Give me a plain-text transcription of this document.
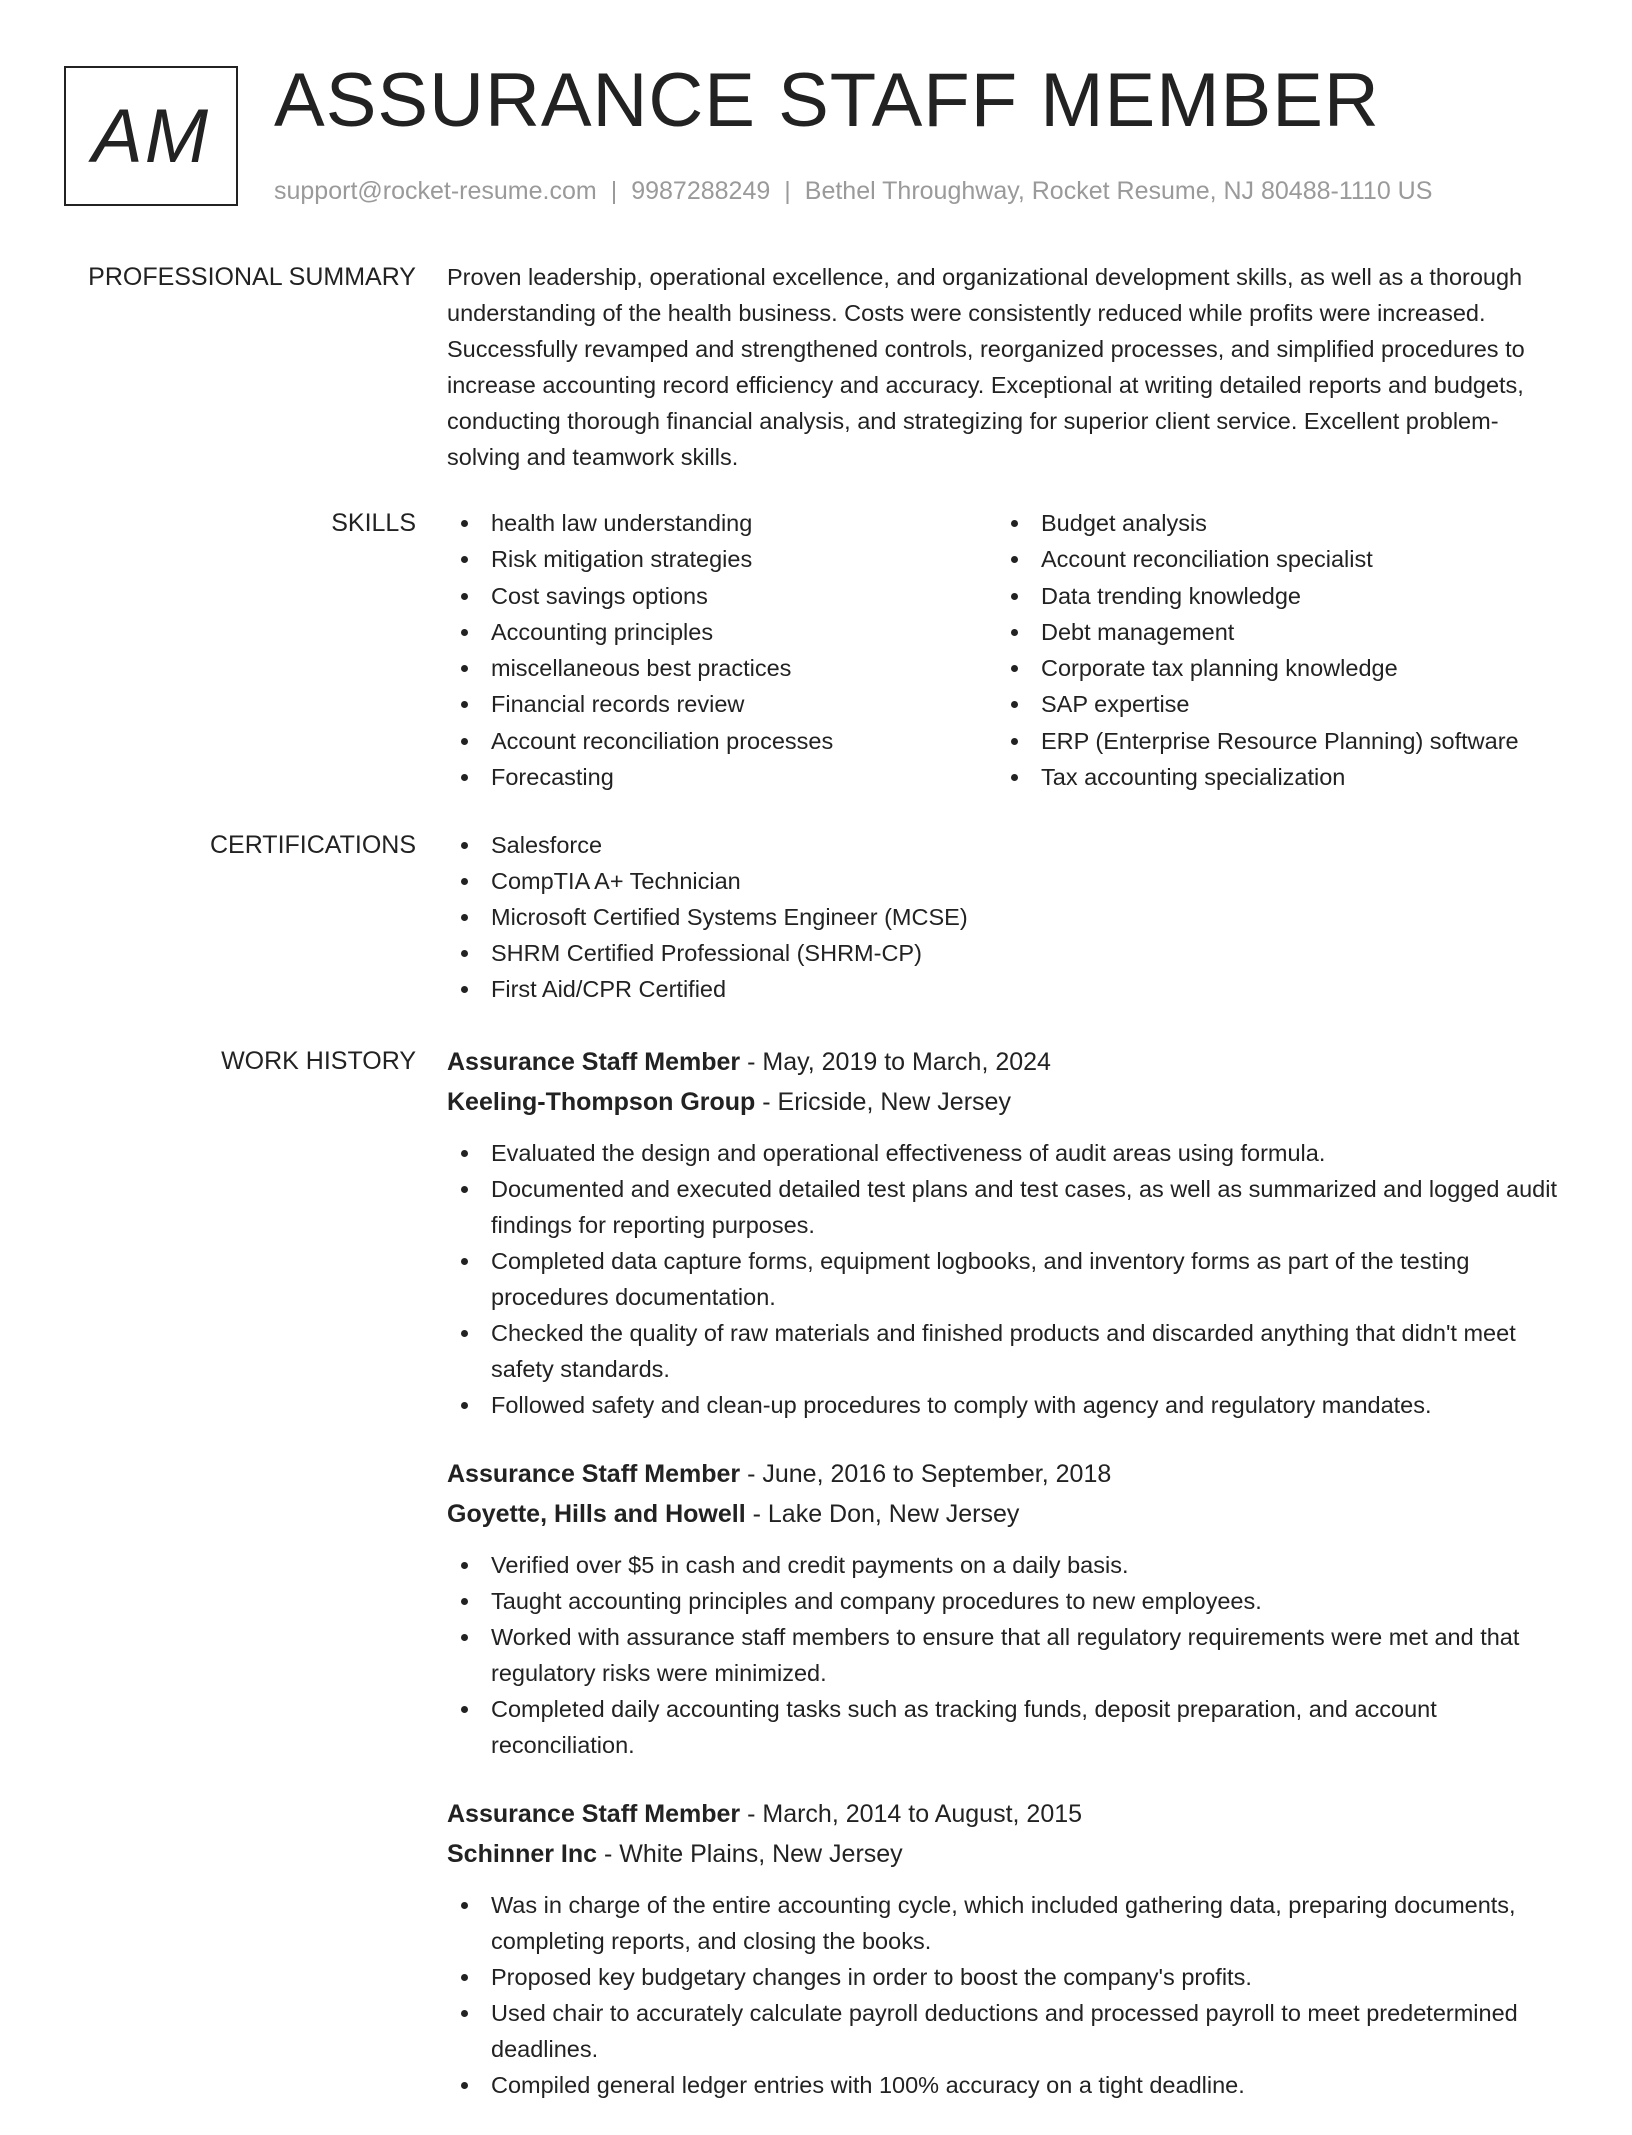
AM ASSURANCE STAFF MEMBER
support@rocket-resume.com | 9987288249 | Bethel Throughway, Rocket Resume, NJ 80488-1110 US
PROFESSIONAL SUMMARY Proven leadership, operational excellence, and organizational development skills, as well as a thorough understanding of the health business. Costs were consistently reduced while profits were increased. Successfully revamped and strengthened controls, reorganized processes, and simplified procedures to increase accounting record efficiency and accuracy. Exceptional at writing detailed reports and budgets, conducting thorough financial analysis, and strategizing for superior client service. Excellent problem-solving and teamwork skills.

SKILLS	health law understanding
Risk mitigation strategies
Cost savings options
Accounting principles
miscellaneous best practices
Financial records review
Account reconciliation processes
Forecasting
Budget analysis
Account reconciliation specialist
Data trending knowledge
Debt management
Corporate tax planning knowledge
SAP expertise
ERP (Enterprise Resource Planning) software
Tax accounting specialization
CERTIFICATIONS	Salesforce
CompTIA A+ Technician
Microsoft Certified Systems Engineer (MCSE)
SHRM Certified Professional (SHRM-CP)
First Aid/CPR Certified
WORK HISTORY Assurance Staff Member - May, 2019 to March, 2024
Keeling-Thompson Group - Ericside, New Jersey
Evaluated the design and operational effectiveness of audit areas using formula.
Documented and executed detailed test plans and test cases, as well as summarized and logged audit findings for reporting purposes.
Completed data capture forms, equipment logbooks, and inventory forms as part of the testing procedures documentation.
Checked the quality of raw materials and finished products and discarded anything that didn't meet safety standards.
Followed safety and clean-up procedures to comply with agency and regulatory mandates.
Assurance Staff Member - June, 2016 to September, 2018
Goyette, Hills and Howell - Lake Don, New Jersey
Verified over $5 in cash and credit payments on a daily basis.
Taught accounting principles and company procedures to new employees.
Worked with assurance staff members to ensure that all regulatory requirements were met and that regulatory risks were minimized.
Completed daily accounting tasks such as tracking funds, deposit preparation, and account reconciliation.
Assurance Staff Member - March, 2014 to August, 2015
Schinner Inc - White Plains, New Jersey
Was in charge of the entire accounting cycle, which included gathering data, preparing documents, completing reports, and closing the books.
Proposed key budgetary changes in order to boost the company's profits.
Used chair to accurately calculate payroll deductions and processed payroll to meet predetermined deadlines.
Compiled general ledger entries with 100% accuracy on a tight deadline.
